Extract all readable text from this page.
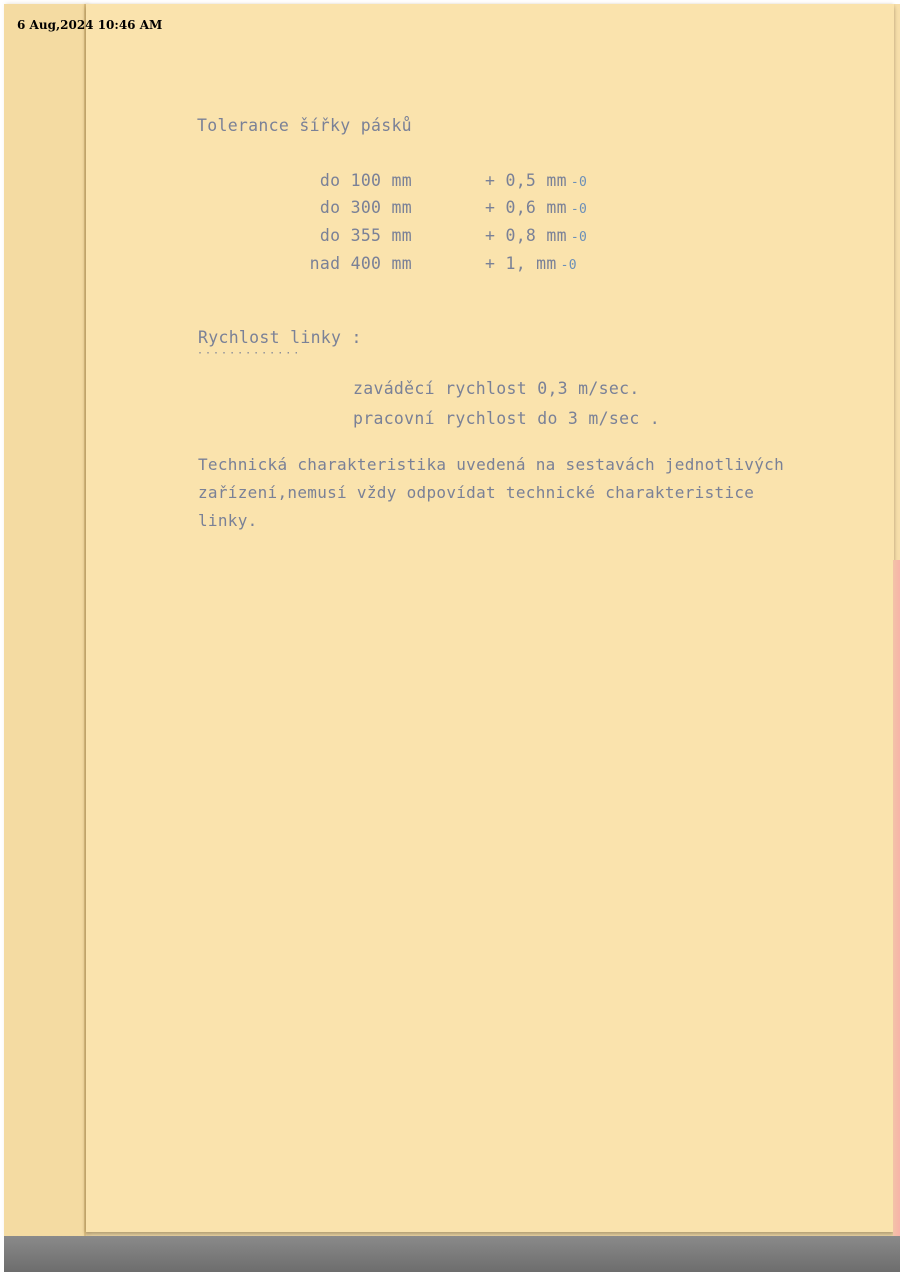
6 Aug,2024 10:46 AM
Tolerance šířky pásků
do 100 mm	+ 0,5 mm -0
do 300 mm	+ 0,6 mm -0
do 355 mm	+ 0,8 mm -0
nad 400 mm	+ 1, mm -0
Rychlost linky :
·············
zaváděcí rychlost 0,3 m/sec.
pracovní rychlost do 3 m/sec .
Technická charakteristika uvedená na sestavách jednotlivých
zařízení,nemusí vždy odpovídat technické charakteristice
linky.
